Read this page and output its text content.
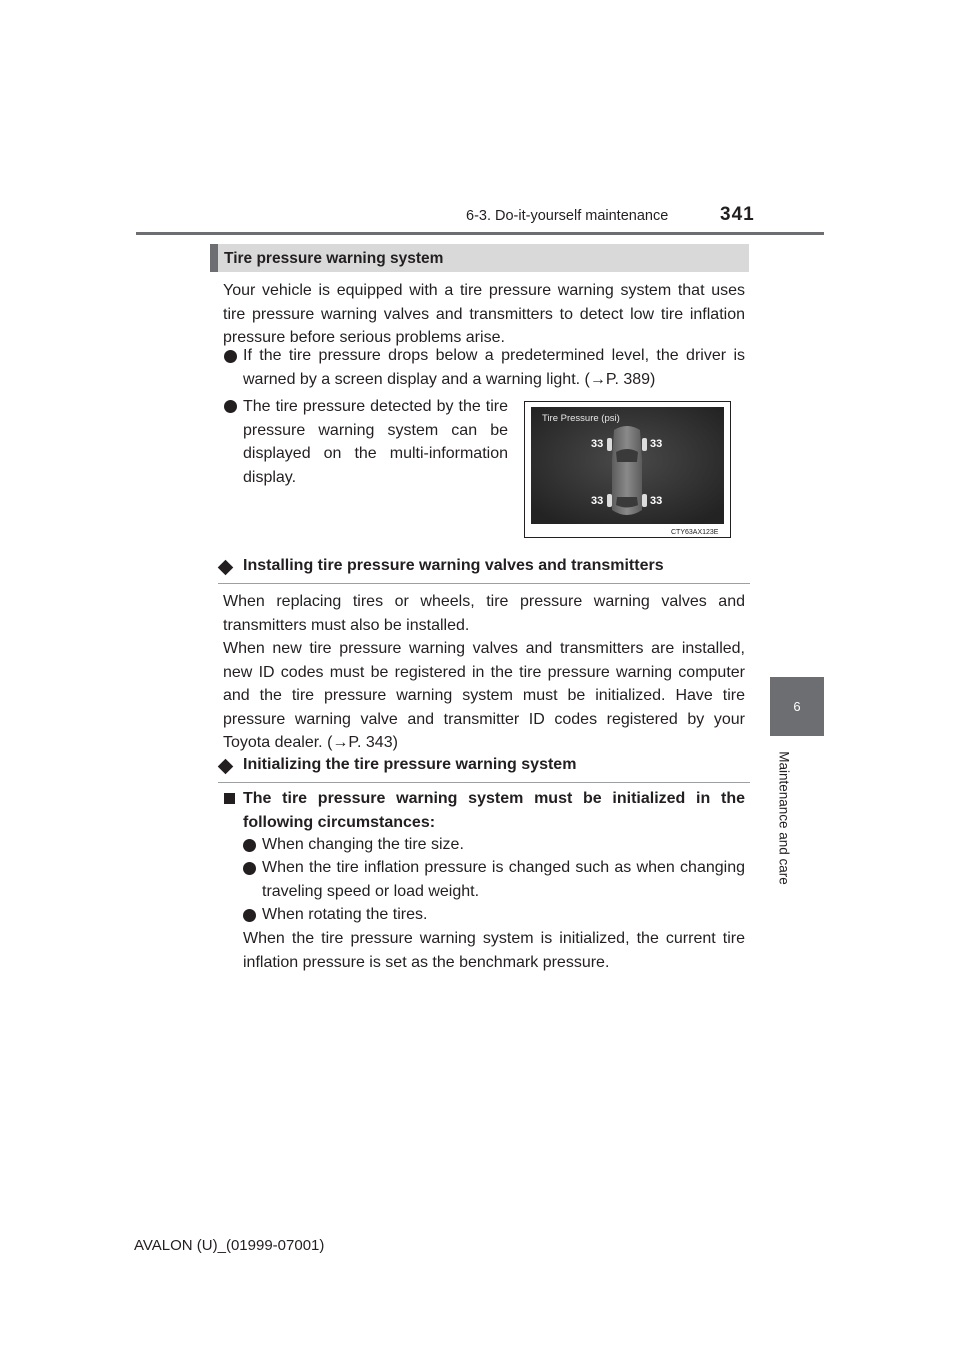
6-3. Do-it-yourself maintenance	341
6
Maintenance and care
Tire pressure warning system
Your vehicle is equipped with a tire pressure warning system that uses tire pressure warning valves and transmitters to detect low tire inflation pressure before serious problems arise.
If the tire pressure drops below a predetermined level, the driver is warned by a screen display and a warning light. (→P. 389)
The tire pressure detected by the tire pressure warning system can be displayed on the multi-information display.
Tire Pressure (psi)
33	33
33	33
CTY63AX123E
Installing tire pressure warning valves and transmitters
When replacing tires or wheels, tire pressure warning valves and transmitters must also be installed.
When new tire pressure warning valves and transmitters are installed, new ID codes must be registered in the tire pressure warning computer and the tire pressure warning system must be initialized. Have tire pressure warning valve and transmitter ID codes registered by your Toyota dealer. (→P. 343)
Initializing the tire pressure warning system
The tire pressure warning system must be initialized in the following circumstances:
When changing the tire size.
When the tire inflation pressure is changed such as when changing traveling speed or load weight.
When rotating the tires.
When the tire pressure warning system is initialized, the current tire inflation pressure is set as the benchmark pressure.
AVALON (U)_(01999-07001)
